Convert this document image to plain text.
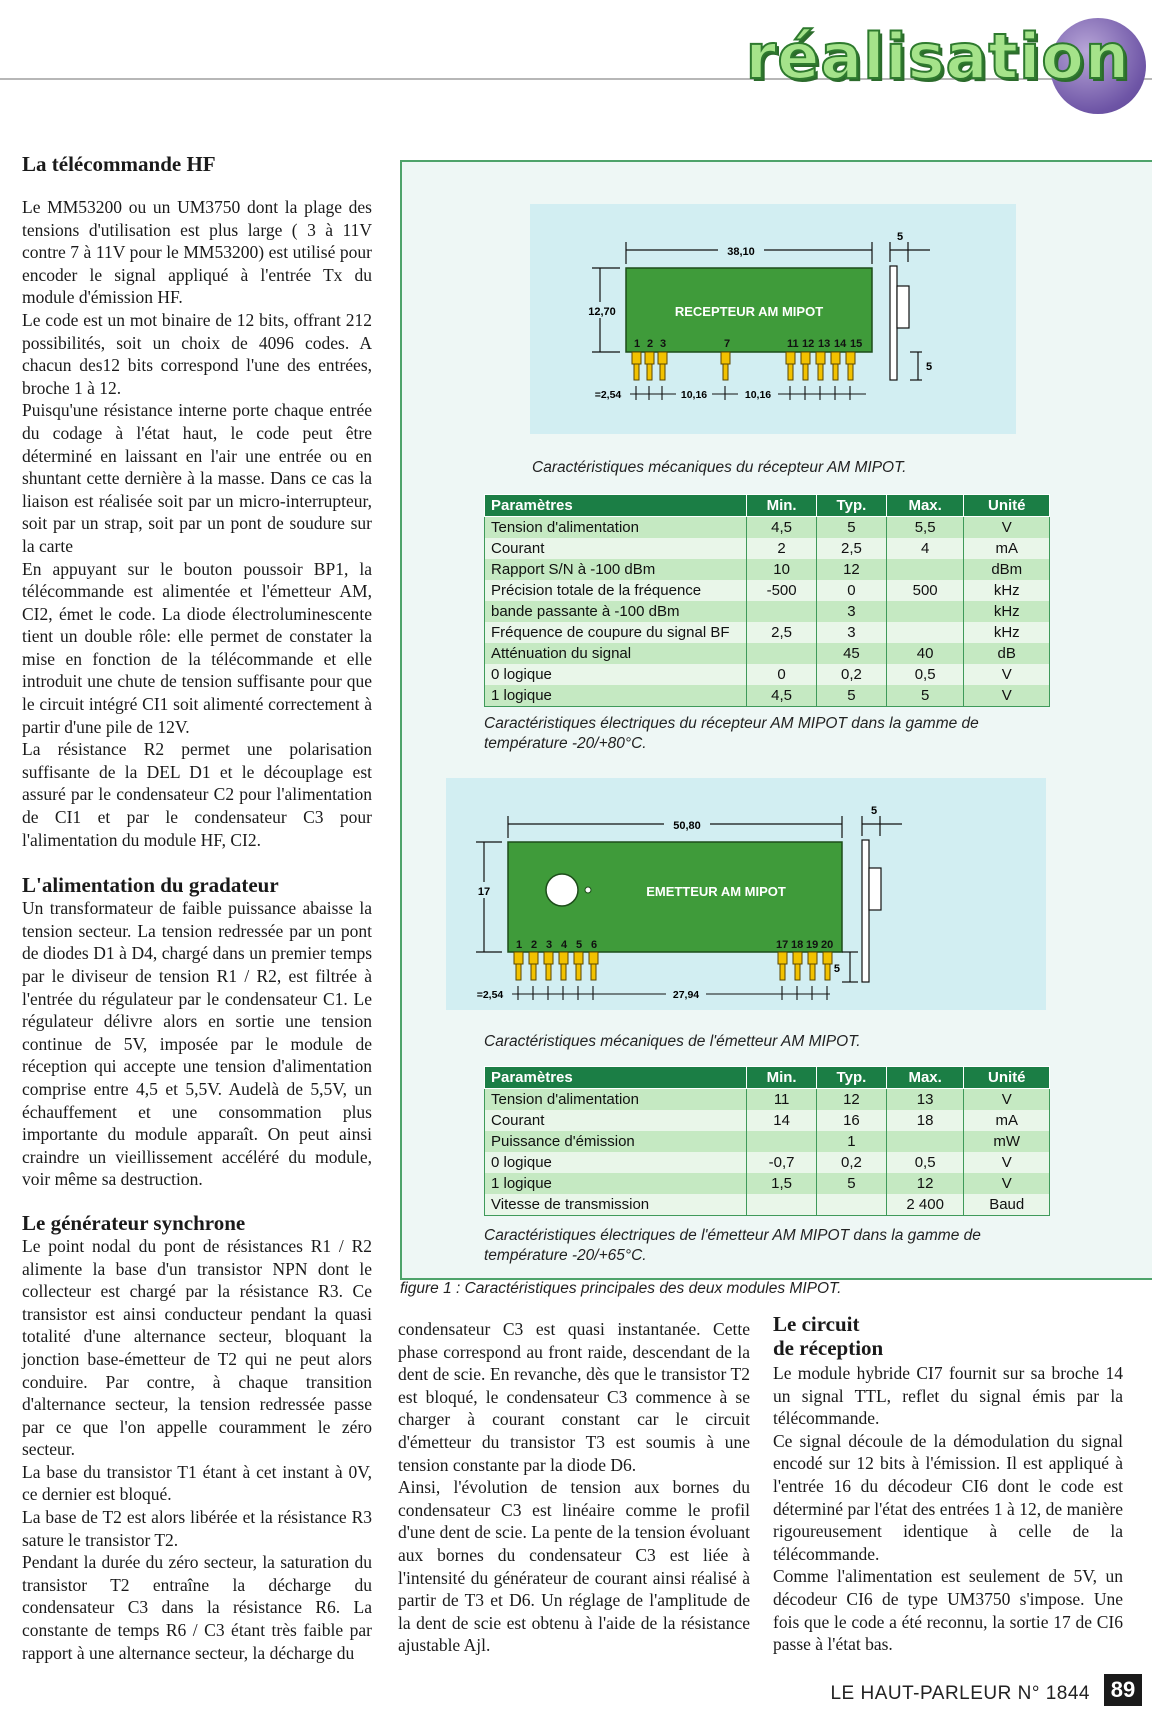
réalisation
La télécommande HF

Le MM53200 ou un UM3750 dont la plage des tensions d'utilisation est plus large ( 3 à 11V contre 7 à 11V pour le MM53200) est utilisé pour encoder le signal appliqué à l'entrée Tx du module d'émission HF.

Le code est un mot binaire de 12 bits, offrant 212 possibilités, soit un choix de 4096 codes. A chacun des12 bits correspond l'une des entrées, broche 1 à 12.

Puisqu'une résistance interne porte chaque entrée du codage à l'état haut, le code peut être déterminé en laissant en l'air une entrée ou en shuntant cette dernière à la masse. Dans ce cas la liaison est réalisée soit par un micro-interrupteur, soit par un strap, soit par un pont de soudure sur la carte

En appuyant sur le bouton poussoir BP1, la télécommande est alimentée et l'émetteur AM, CI2, émet le code. La diode électroluminescente tient un double rôle: elle permet de constater la mise en fonction de la télécommande et elle introduit une chute de tension suffisante pour que le circuit intégré CI1 soit alimenté correctement à partir d'une pile de 12V.

La résistance R2 permet une polarisation suffisante de la DEL D1 et le découplage est assuré par le condensateur C2 pour l'alimentation de CI1 et par le condensateur C3 pour l'alimentation du module HF, CI2.

L'alimentation du gradateur

Un transformateur de faible puissance abaisse la tension secteur. La tension redressée par un pont de diodes D1 à D4, chargé dans un premier temps par le diviseur de tension R1 / R2, est filtrée à l'entrée du régulateur par le condensateur C1. Le régulateur délivre alors en sortie une tension continue de 5V, imposée par le module de réception qui accepte une tension d'alimentation comprise entre 4,5 et 5,5V. Audelà de 5,5V, un échauffement et une consommation plus importante du module apparaît. On peut ainsi craindre un vieillissement accéléré du module, voir même sa destruction.

Le générateur synchrone

Le point nodal du pont de résistances R1 / R2 alimente la base d'un transistor NPN dont le collecteur est chargé par la résistance R3. Ce transistor est ainsi conducteur pendant la quasi totalité d'une alternance secteur, bloquant la jonction base-émetteur de T2 qui ne peut alors conduire. Par contre, à chaque transition d'alternance secteur, la tension redressée passe par ce que l'on appelle couramment le zéro secteur.

La base du transistor T1 étant à cet instant à 0V, ce dernier est bloqué.

La base de T2 est alors libérée et la résistance R3 sature le transistor T2.

Pendant la durée du zéro secteur, la saturation du transistor T2 entraîne la décharge du condensateur C3 dans la résistance R6. La constante de temps R6 / C3 étant très faible par rapport à une alternance secteur, la décharge du

38,10
5
RECEPTEUR AM MIPOT
12,70
5
1 2 3	7	11 12 13 14 15
=2,54	10,16	10,16
Caractéristiques mécaniques du récepteur AM MIPOT.
Paramètres	Min.	Typ.	Max.	Unité
Tension d'alimentation	4,5	5	5,5	V
Courant	2	2,5	4	mA
Rapport S/N à -100 dBm	10	12		dBm
Précision totale de la fréquence	-500	0	500	kHz
bande passante à -100 dBm		3		kHz
Fréquence de coupure du signal BF	2,5	3		kHz
Atténuation du signal		45	40	dB
0 logique	0	0,2	0,5	V
1 logique	4,5	5	5	V
Caractéristiques électriques du récepteur AM MIPOT dans la gamme de température -20/+80°C.
50,80
5
EMETTEUR AM MIPOT
17
5
1 2 3 4 5 6	17 18 19 20
=2,54	27,94
Caractéristiques mécaniques de l'émetteur AM MIPOT.
Paramètres	Min.	Typ.	Max.	Unité
Tension d'alimentation	11	12	13	V
Courant	14	16	18	mA
Puissance d'émission		1		mW
0 logique	-0,7	0,2	0,5	V
1 logique	1,5	5	12	V
Vitesse de transmission			2 400	Baud
Caractéristiques électriques de l'émetteur AM MIPOT dans la gamme de température -20/+65°C.
figure 1 : Caractéristiques principales des deux modules MIPOT.

condensateur C3 est quasi instantanée. Cette phase correspond au front raide, descendant de la dent de scie. En revanche, dès que le transistor T2 est bloqué, le condensateur C3 commence à se charger à courant constant car le circuit d'émetteur du transistor T3 est soumis à une tension constante par la diode D6.

Ainsi, l'évolution de tension aux bornes du condensateur C3 est linéaire comme le profil d'une dent de scie. La pente de la tension évoluant aux bornes du condensateur C3 est liée à l'intensité du générateur de courant ainsi réalisé à partir de T3 et D6. Un réglage de l'amplitude de la dent de scie est obtenu à l'aide de la résistance ajustable Ajl.

Le circuit
de réception

Le module hybride CI7 fournit sur sa broche 14 un signal TTL, reflet du signal émis par la télécommande.

Ce signal découle de la démodulation du signal encodé sur 12 bits à l'émission. Il est appliqué à l'entrée 16 du décodeur CI6 dont le code est déterminé par l'état des entrées 1 à 12, de manière rigoureusement identique à celle de la télécommande.

Comme l'alimentation est seulement de 5V, un décodeur CI6 de type UM3750 s'impose. Une fois que le code a été reconnu, la sortie 17 de CI6 passe à l'état bas.

LE HAUT-PARLEUR N° 1844 89
